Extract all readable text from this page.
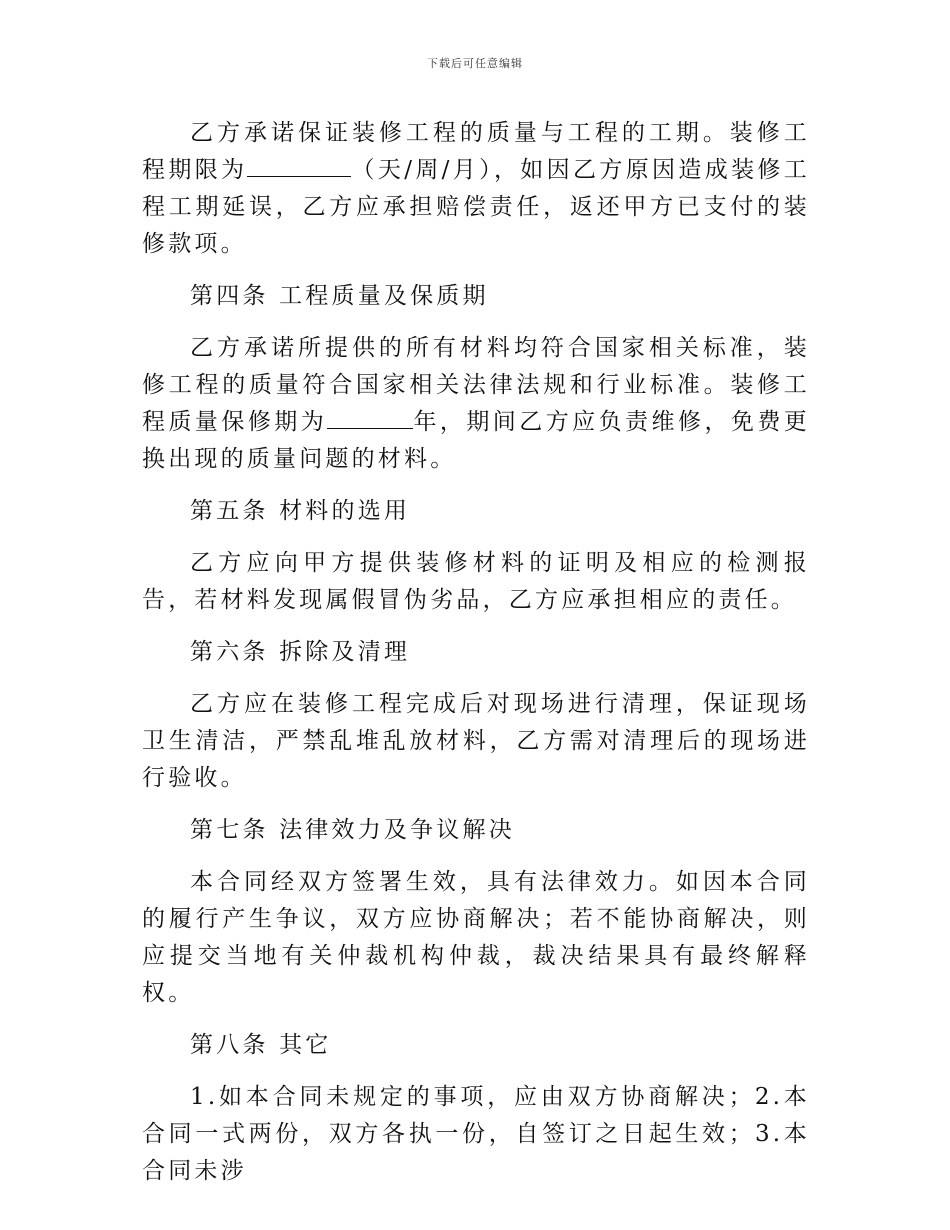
下载后可任意编辑

乙方承诺保证装修工程的质量与工程的工期。装修工程期限为	（天/周/月），如因乙方原因造成装修工程工期延误，乙方应承担赔偿责任，返还甲方已支付的装修款项。

第四条 工程质量及保质期

乙方承诺所提供的所有材料均符合国家相关标准，装修工程的质量符合国家相关法律法规和行业标准。装修工程质量保修期为	年，期间乙方应负责维修，免费更换出现的质量问题的材料。

第五条 材料的选用

乙方应向甲方提供装修材料的证明及相应的检测报告，若材料发现属假冒伪劣品，乙方应承担相应的责任。

第六条 拆除及清理

乙方应在装修工程完成后对现场进行清理，保证现场卫生清洁，严禁乱堆乱放材料，乙方需对清理后的现场进行验收。

第七条 法律效力及争议解决

本合同经双方签署生效，具有法律效力。如因本合同的履行产生争议，双方应协商解决；若不能协商解决，则应提交当地有关仲裁机构仲裁，裁决结果具有最终解释权。

第八条 其它

1.如本合同未规定的事项，应由双方协商解决；2.本合同一式两份，双方各执一份，自签订之日起生效；3.本合同未涉
